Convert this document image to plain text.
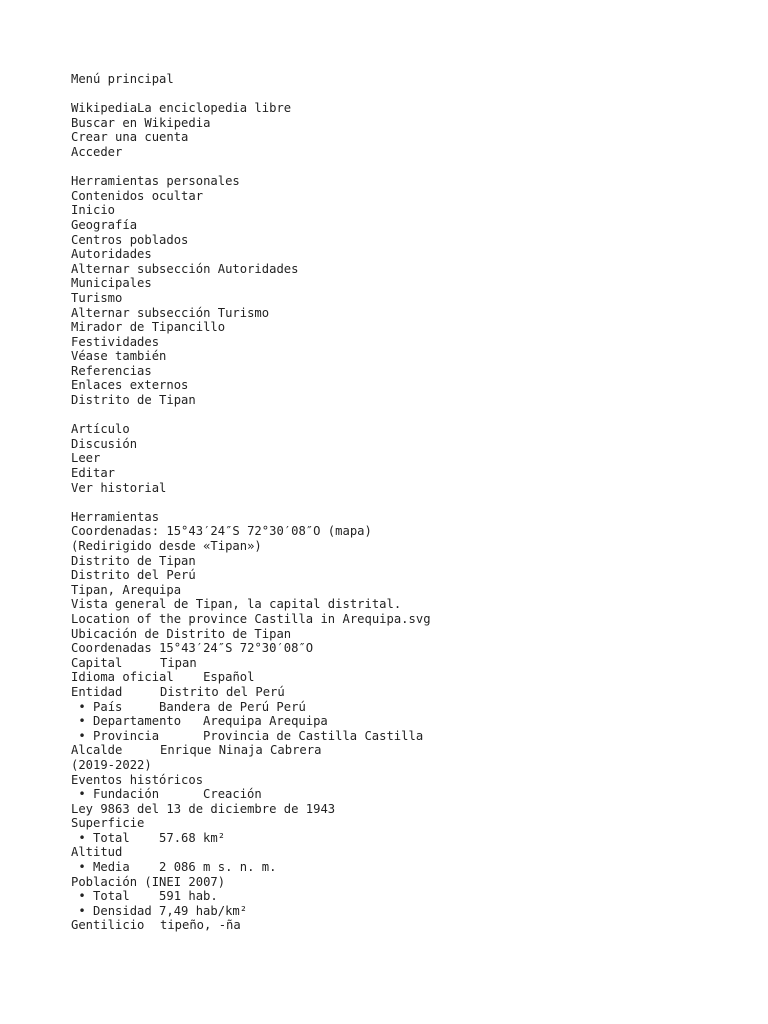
Menú principal
WikipediaLa enciclopedia libre
Buscar en Wikipedia
Crear una cuenta
Acceder
Herramientas personales
Contenidos ocultar
Inicio
Geografía
Centros poblados
Autoridades
Alternar subsección Autoridades
Municipales
Turismo
Alternar subsección Turismo
Mirador de Tipancillo
Festividades
Véase también
Referencias
Enlaces externos
Distrito de Tipan
Artículo
Discusión
Leer
Editar
Ver historial
Herramientas
Coordenadas: 15°43′24″S 72°30′08″O (mapa)
(Redirigido desde «Tipan»)
Distrito de Tipan
Distrito del Perú
Tipan, Arequipa
Vista general de Tipan, la capital distrital.
Location of the province Castilla in Arequipa.svg
Ubicación de Distrito de Tipan
Coordenadas 15°43′24″S 72°30′08″O
Capital	Tipan
Idioma oficial Español
Entidad	Distrito del Perú
• País	Bandera de Perú Perú
• Departamento Arequipa Arequipa
• Provincia	Provincia de Castilla Castilla
Alcalde	Enrique Ninaja Cabrera
(2019-2022)
Eventos históricos
• Fundación	Creación
Ley 9863 del 13 de diciembre de 1943
Superficie
• Total 57.68 km²
Altitud
• Media 2 086 m s. n. m.
Población (INEI 2007)
• Total 591 hab.
• Densidad 7,49 hab/km²
Gentilicio tipeño, -ña
